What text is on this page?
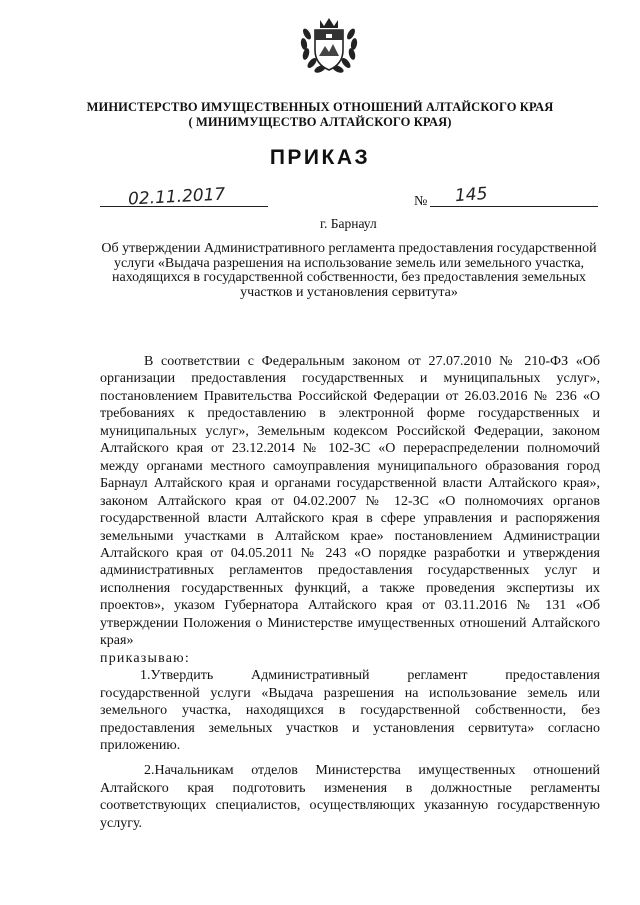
МИНИСТЕРСТВО ИМУЩЕСТВЕННЫХ ОТНОШЕНИЙ АЛТАЙСКОГО КРАЯ
( МИНИМУЩЕСТВО АЛТАЙСКОГО КРАЯ)
ПРИКАЗ
02.11.2017	№ 145
г. Барнаул
Об утверждении Административного регламента предоставления государственной услуги «Выдача разрешения на использование земель или земельного участка, находящихся в государственной собственности, без предоставления земельных участков и установления сервитута»

В соответствии с Федеральным законом от 27.07.2010 № 210-ФЗ «Об организации предоставления государственных и муниципальных услуг», постановлением Правительства Российской Федерации от 26.03.2016 № 236 «О требованиях к предоставлению в электронной форме государственных и муниципальных услуг», Земельным кодексом Российской Федерации, законом Алтайского края от 23.12.2014 № 102-ЗС «О перераспределении полномочий между органами местного самоуправления муниципального образования город Барнаул Алтайского края и органами государственной власти Алтайского края», законом Алтайского края от 04.02.2007 № 12-ЗС «О полномочиях органов государственной власти Алтайского края в сфере управления и распоряжения земельными участками в Алтайском крае» постановлением Администрации Алтайского края от 04.05.2011 № 243 «О порядке разработки и утверждения административных регламентов предоставления государственных услуг и исполнения государственных функций, а также проведения экспертизы их проектов», указом Губернатора Алтайского края от 03.11.2016 № 131 «Об утверждении Положения о Министерстве имущественных отношений Алтайского края»

приказываю:

1.Утвердить Административный регламент предоставления государственной услуги «Выдача разрешения на использование земель или земельного участка, находящихся в государственной собственности, без предоставления земельных участков и установления сервитута» согласно приложению.

2.Начальникам отделов Министерства имущественных отношений Алтайского края подготовить изменения в должностные регламенты соответствующих специалистов, осуществляющих указанную государственную услугу.
